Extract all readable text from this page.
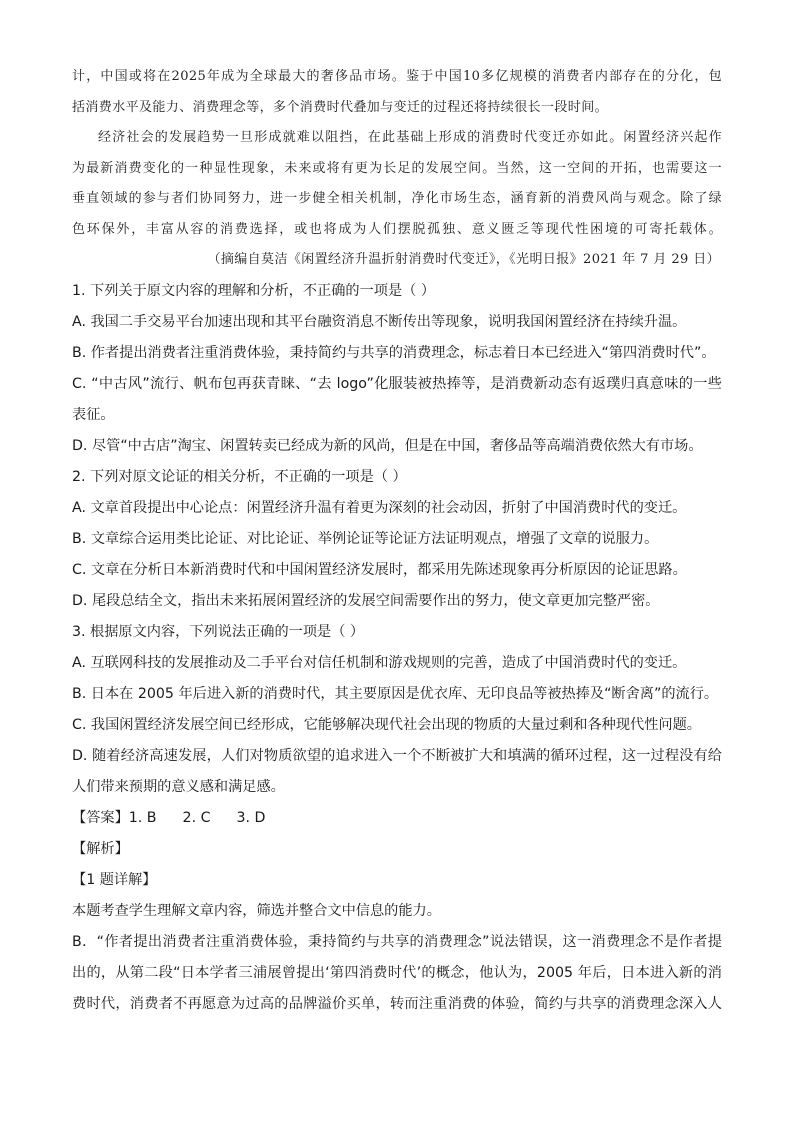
计，中国或将在2025年成为全球最大的奢侈品市场。鉴于中国10多亿规模的消费者内部存在的分化，包
括消费水平及能力、消费理念等，多个消费时代叠加与变迁的过程还将持续很长一段时间。
经济社会的发展趋势一旦形成就难以阻挡，在此基础上形成的消费时代变迁亦如此。闲置经济兴起作
为最新消费变化的一种显性现象，未来或将有更为长足的发展空间。当然，这一空间的开拓，也需要这一
垂直领域的参与者们协同努力，进一步健全相关机制，净化市场生态，涵育新的消费风尚与观念。除了绿
色环保外，丰富从容的消费选择，或也将成为人们摆脱孤独、意义匮乏等现代性困境的可寄托载体。
（摘编自莫洁《闲置经济升温折射消费时代变迁》，《光明日报》2021 年 7 月 29 日）
1. 下列关于原文内容的理解和分析，不正确的一项是（ ）
A. 我国二手交易平台加速出现和其平台融资消息不断传出等现象，说明我国闲置经济在持续升温。
B. 作者提出消费者注重消费体验，秉持简约与共享的消费理念，标志着日本已经进入“第四消费时代”。
C. “中古风”流行、帆布包再获青睐、“去 logo”化服装被热捧等，是消费新动态有返璞归真意味的一些
表征。
D. 尽管“中古店”淘宝、闲置转卖已经成为新的风尚，但是在中国，奢侈品等高端消费依然大有市场。
2. 下列对原文论证的相关分析，不正确的一项是（ ）
A. 文章首段提出中心论点：闲置经济升温有着更为深刻的社会动因，折射了中国消费时代的变迁。
B. 文章综合运用类比论证、对比论证、举例论证等论证方法证明观点，增强了文章的说服力。
C. 文章在分析日本新消费时代和中国闲置经济发展时，都采用先陈述现象再分析原因的论证思路。
D. 尾段总结全文，指出未来拓展闲置经济的发展空间需要作出的努力，使文章更加完整严密。
3. 根据原文内容，下列说法正确的一项是（ ）
A. 互联网科技的发展推动及二手平台对信任机制和游戏规则的完善，造成了中国消费时代的变迁。
B. 日本在 2005 年后进入新的消费时代，其主要原因是优衣库、无印良品等被热捧及“断舍离”的流行。
C. 我国闲置经济发展空间已经形成，它能够解决现代社会出现的物质的大量过剩和各种现代性问题。
D. 随着经济高速发展，人们对物质欲望的追求进入一个不断被扩大和填满的循环过程，这一过程没有给
人们带来预期的意义感和满足感。
【答案】1. B 2. C 3. D
【解析】
【1 题详解】
本题考查学生理解文章内容，筛选并整合文中信息的能力。
B．“作者提出消费者注重消费体验，秉持简约与共享的消费理念”说法错误，这一消费理念不是作者提
出的，从第二段“日本学者三浦展曾提出‘第四消费时代’的概念，他认为，2005 年后，日本进入新的消
费时代，消费者不再愿意为过高的品牌溢价买单，转而注重消费的体验，简约与共享的消费理念深入人
